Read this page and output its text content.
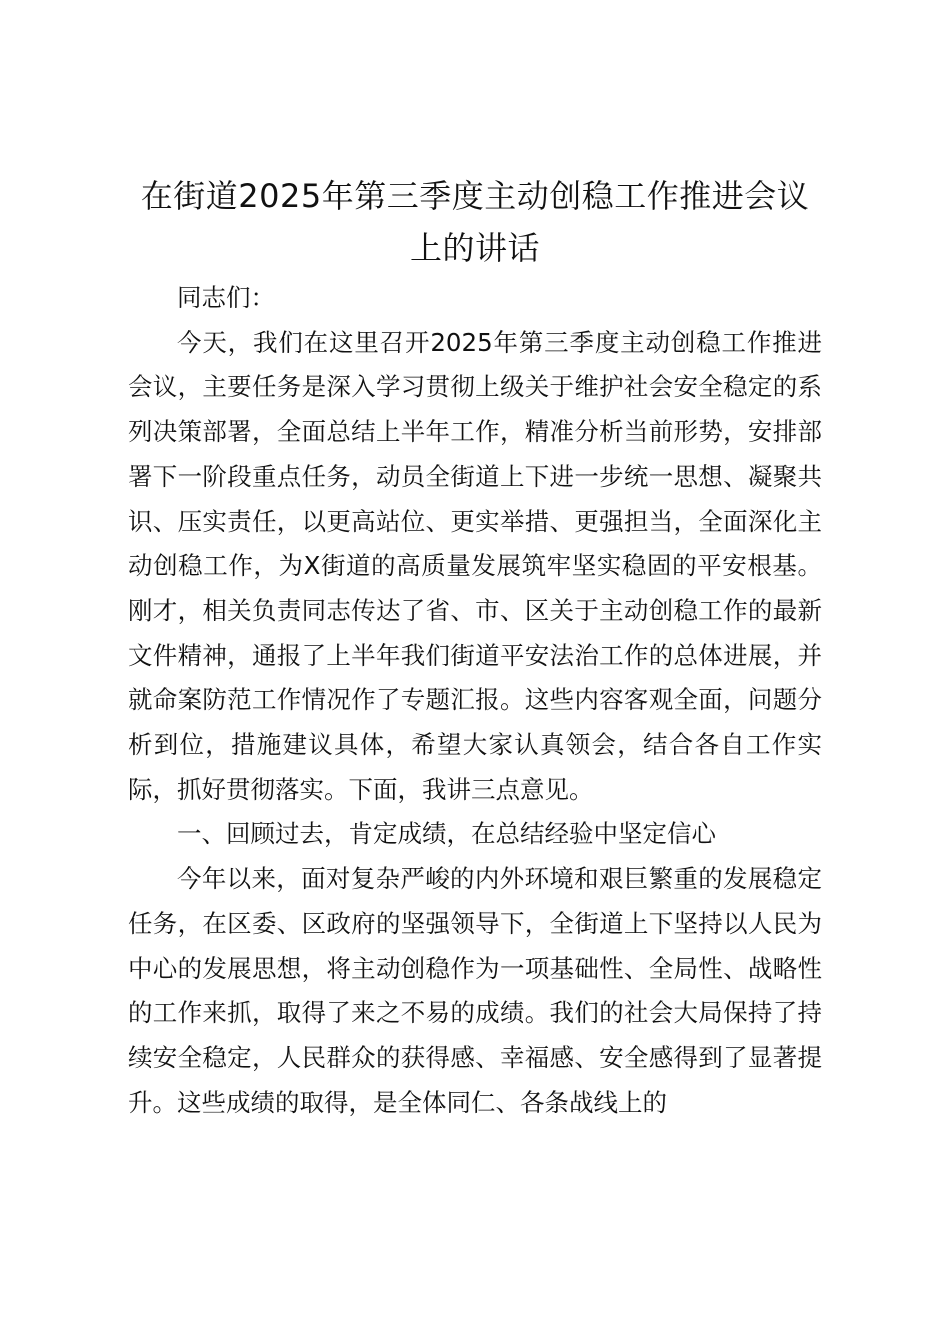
在街道2025年第三季度主动创稳工作推进会议上的讲话

同志们：

今天，我们在这里召开2025年第三季度主动创稳工作推进会议，主要任务是深入学习贯彻上级关于维护社会安全稳定的系列决策部署，全面总结上半年工作，精准分析当前形势，安排部署下一阶段重点任务，动员全街道上下进一步统一思想、凝聚共识、压实责任，以更高站位、更实举措、更强担当，全面深化主动创稳工作，为X街道的高质量发展筑牢坚实稳固的平安根基。刚才，相关负责同志传达了省、市、区关于主动创稳工作的最新文件精神，通报了上半年我们街道平安法治工作的总体进展，并就命案防范工作情况作了专题汇报。这些内容客观全面，问题分析到位，措施建议具体，希望大家认真领会，结合各自工作实际，抓好贯彻落实。下面，我讲三点意见。

一、回顾过去，肯定成绩，在总结经验中坚定信心

今年以来，面对复杂严峻的内外环境和艰巨繁重的发展稳定任务，在区委、区政府的坚强领导下，全街道上下坚持以人民为中心的发展思想，将主动创稳作为一项基础性、全局性、战略性的工作来抓，取得了来之不易的成绩。我们的社会大局保持了持续安全稳定，人民群众的获得感、幸福感、安全感得到了显著提升。这些成绩的取得，是全体同仁、各条战线上的
